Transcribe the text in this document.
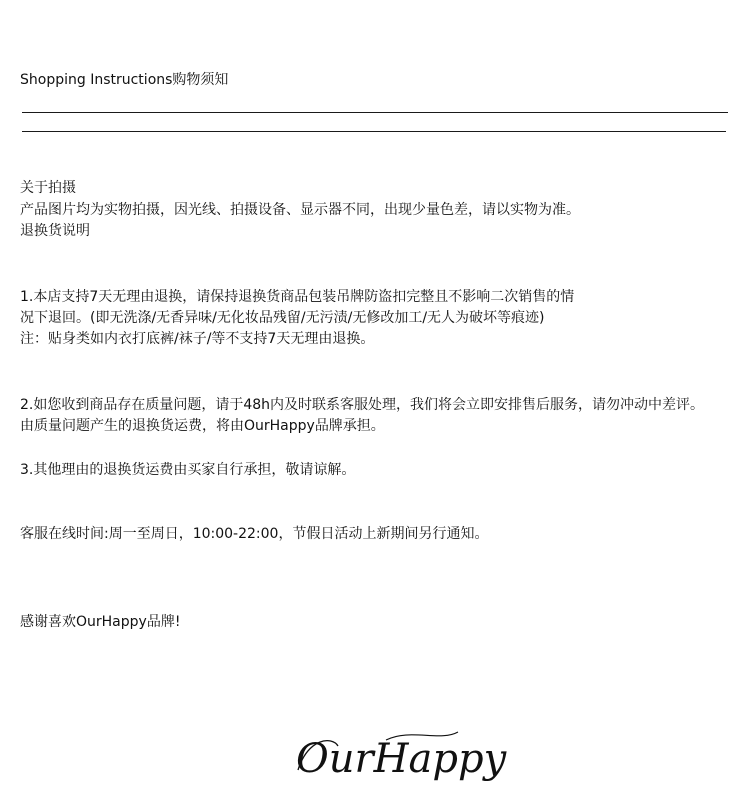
Shopping Instructions购物须知
关于拍摄
产品图片均为实物拍摄，因光线、拍摄设备、显示器不同，出现少量色差，请以实物为准。
退换货说明
1.本店支持7天无理由退换，请保持退换货商品包装吊牌防盗扣完整且不影响二次销售的情
况下退回。(即无洗涤/无香异味/无化妆品残留/无污渍/无修改加工/无人为破坏等痕迹)
注：贴身类如内衣打底裤/袜子/等不支持7天无理由退换。
2.如您收到商品存在质量问题，请于48h内及时联系客服处理，我们将会立即安排售后服务，请勿冲动中差评。
由质量问题产生的退换货运费，将由OurHappy品牌承担。
3.其他理由的退换货运费由买家自行承担，敬请谅解。
客服在线时间:周一至周日，10:00-22:00，节假日活动上新期间另行通知。
感谢喜欢OurHappy品牌!
OurHappy
